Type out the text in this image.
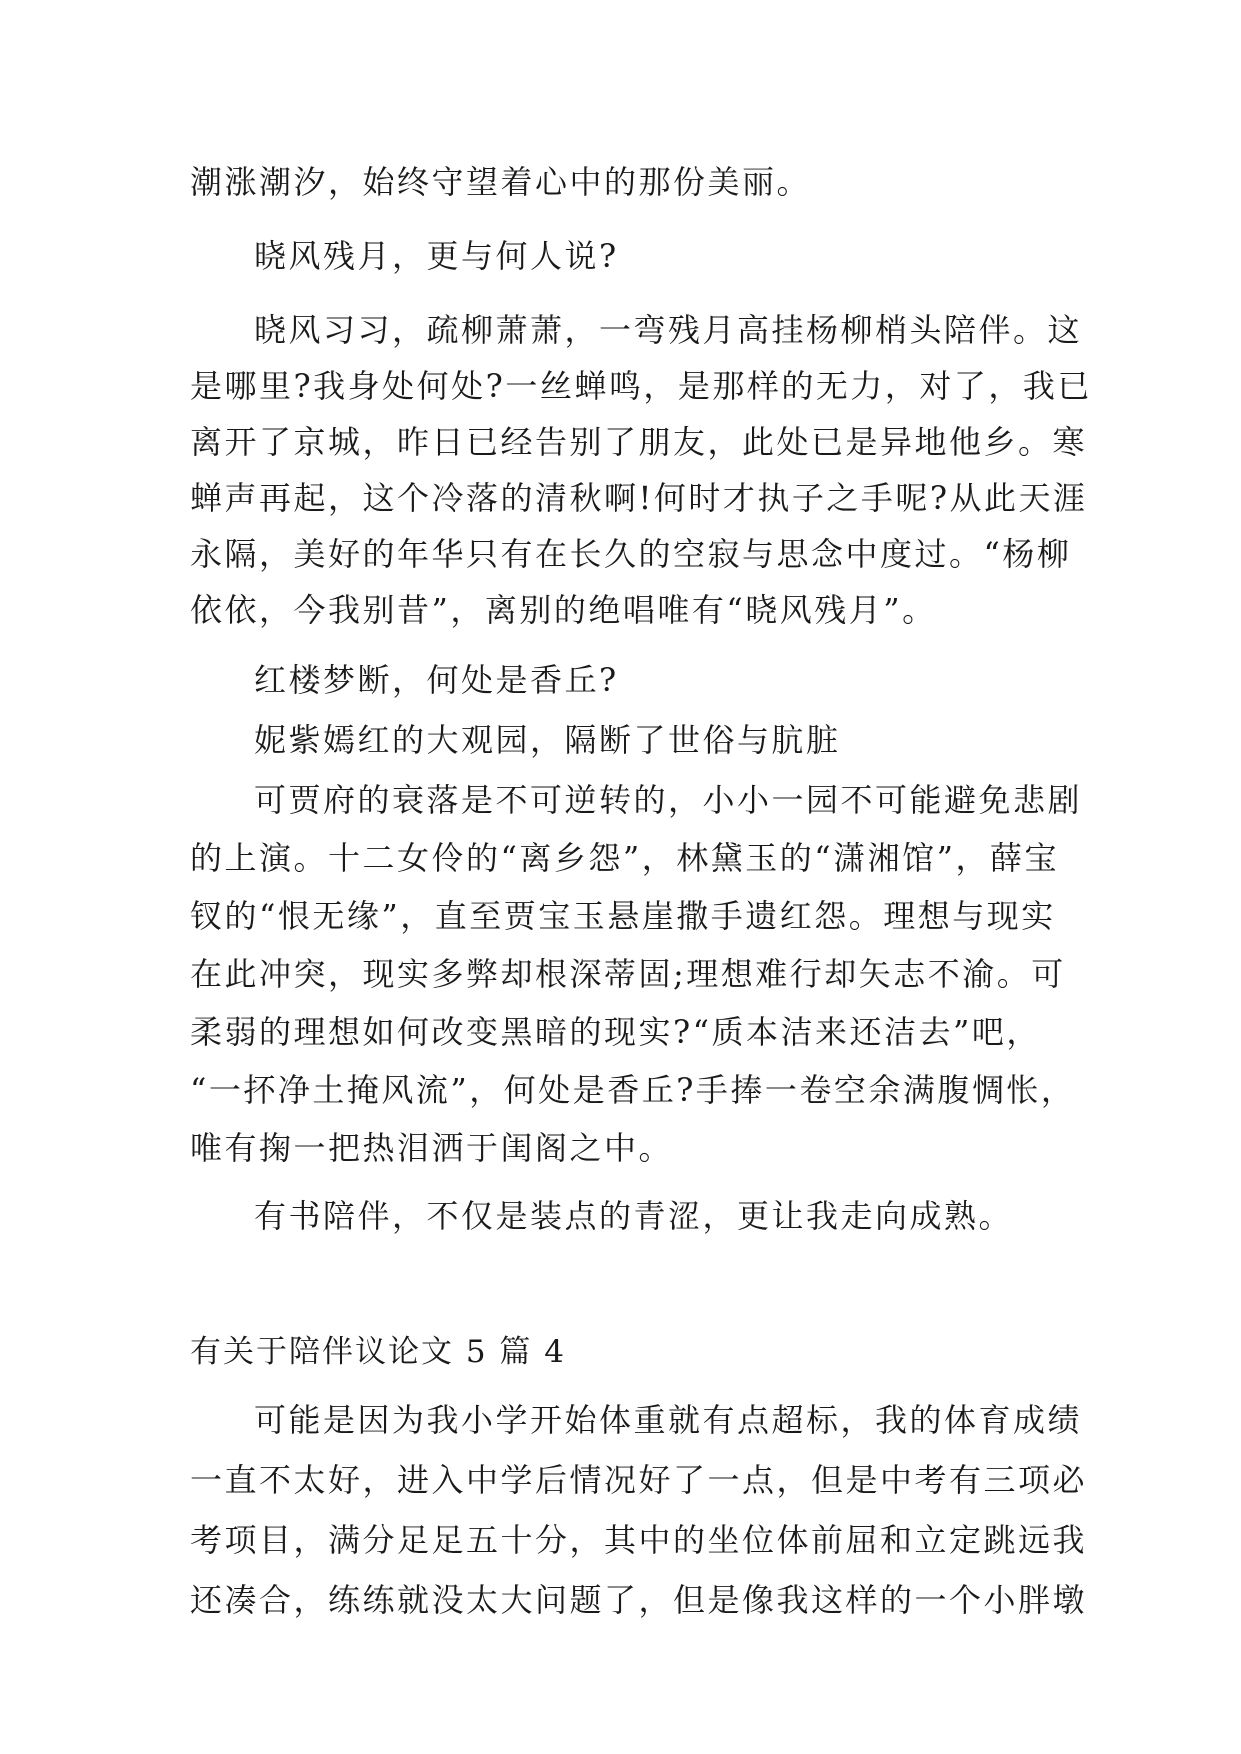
潮涨潮汐，始终守望着心中的那份美丽。
晓风残月，更与何人说?
晓风习习，疏柳萧萧，一弯残月高挂杨柳梢头陪伴。这
是哪里?我身处何处?一丝蝉鸣，是那样的无力，对了，我已
离开了京城，昨日已经告别了朋友，此处已是异地他乡。寒
蝉声再起，这个冷落的清秋啊!何时才执子之手呢?从此天涯
永隔，美好的年华只有在长久的空寂与思念中度过。“杨柳
依依，今我别昔”，离别的绝唱唯有“晓风残月”。
红楼梦断，何处是香丘?
妮紫嫣红的大观园，隔断了世俗与肮脏
可贾府的衰落是不可逆转的，小小一园不可能避免悲剧
的上演。十二女伶的“离乡怨”，林黛玉的“潇湘馆”，薛宝
钗的“恨无缘”，直至贾宝玉悬崖撒手遗红怨。理想与现实
在此冲突，现实多弊却根深蒂固;理想难行却矢志不渝。可
柔弱的理想如何改变黑暗的现实?“质本洁来还洁去”吧，
“一抔净土掩风流”，何处是香丘?手捧一卷空余满腹惆怅，
唯有掬一把热泪洒于闺阁之中。
有书陪伴，不仅是装点的青涩，更让我走向成熟。
有关于陪伴议论文 5 篇 4
可能是因为我小学开始体重就有点超标，我的体育成绩
一直不太好，进入中学后情况好了一点，但是中考有三项必
考项目，满分足足五十分，其中的坐位体前屈和立定跳远我
还凑合，练练就没太大问题了，但是像我这样的一个小胖墩
